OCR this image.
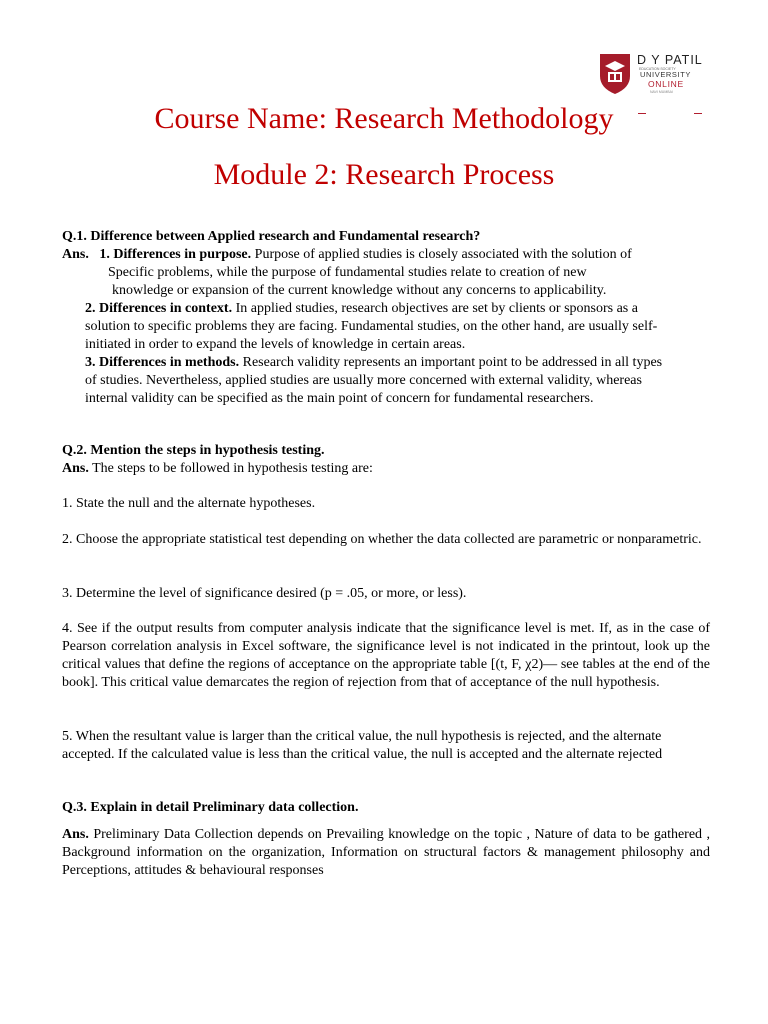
D Y PATIL
EDUCATION SOCIETY
UNIVERSITY
ONLINE
NAVI MUMBAI
Course Name: Research Methodology
Module 2: Research Process

Q.1. Difference between Applied research and Fundamental research?

Ans. 1. Differences in purpose. Purpose of applied studies is closely associated with the solution of

Specific problems, while the purpose of fundamental studies relate to creation of new

knowledge or expansion of the current knowledge without any concerns to applicability.

2. Differences in context. In applied studies, research objectives are set by clients or sponsors as a

solution to specific problems they are facing. Fundamental studies, on the other hand, are usually self-

initiated in order to expand the levels of knowledge in certain areas.

3. Differences in methods. Research validity represents an important point to be addressed in all types

of studies. Nevertheless, applied studies are usually more concerned with external validity, whereas

internal validity can be specified as the main point of concern for fundamental researchers.

Q.2. Mention the steps in hypothesis testing.

Ans. The steps to be followed in hypothesis testing are:

1. State the null and the alternate hypotheses.

2. Choose the appropriate statistical test depending on whether the data collected are parametric or nonparametric.

3. Determine the level of significance desired (p = .05, or more, or less).

4. See if the output results from computer analysis indicate that the significance level is met. If, as in the case of Pearson correlation analysis in Excel software, the significance level is not indicated in the printout, look up the critical values that define the regions of acceptance on the appropriate table [(t, F, χ2)— see tables at the end of the book]. This critical value demarcates the region of rejection from that of acceptance of the null hypothesis.

5. When the resultant value is larger than the critical value, the null hypothesis is rejected, and the alternate accepted. If the calculated value is less than the critical value, the null is accepted and the alternate rejected

Q.3. Explain in detail Preliminary data collection.

Ans. Preliminary Data Collection depends on Prevailing knowledge on the topic , Nature of data to be gathered , Background information on the organization, Information on structural factors & management philosophy and Perceptions, attitudes & behavioural responses
